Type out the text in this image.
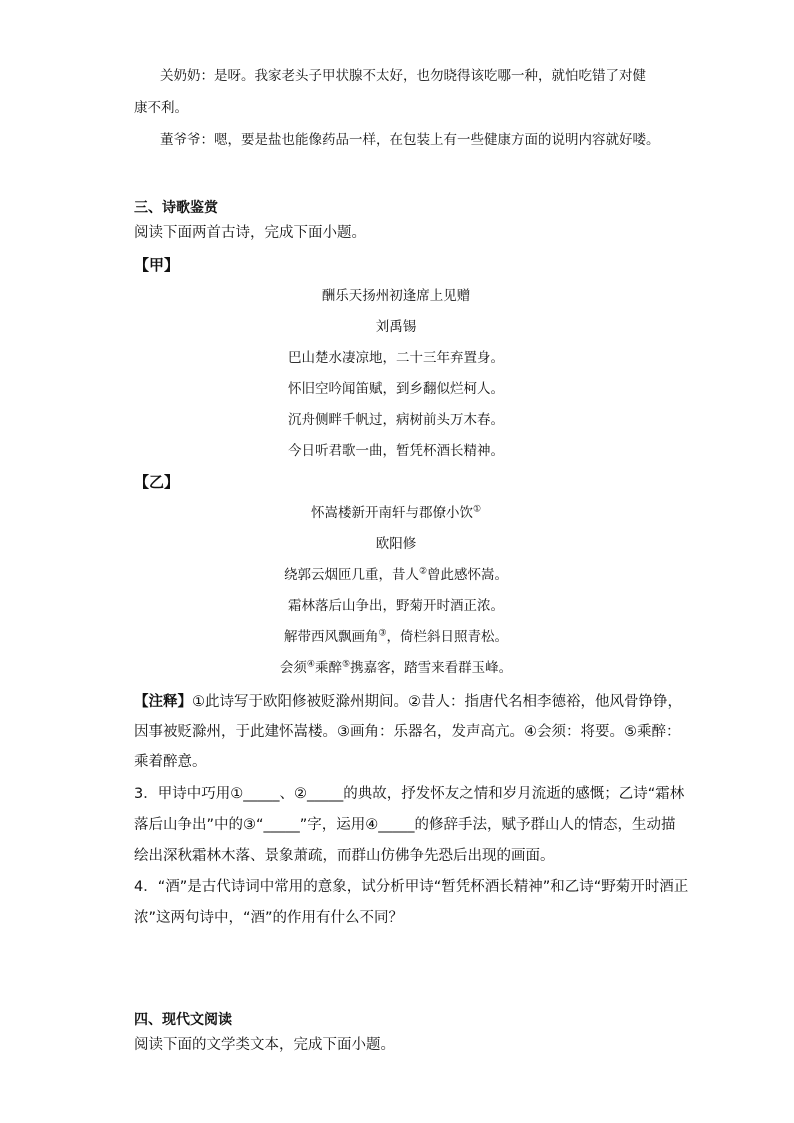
关奶奶：是呀。我家老头子甲状腺不太好，也勿晓得该吃哪一种，就怕吃错了对健
康不利。
董爷爷：嗯，要是盐也能像药品一样，在包装上有一些健康方面的说明内容就好喽。
三、诗歌鉴赏
阅读下面两首古诗，完成下面小题。
【甲】
酬乐天扬州初逢席上见赠
刘禹锡
巴山楚水凄凉地，二十三年弃置身。
怀旧空吟闻笛赋，到乡翻似烂柯人。
沉舟侧畔千帆过，病树前头万木春。
今日听君歌一曲，暂凭杯酒长精神。
【乙】
怀嵩楼新开南轩与郡僚小饮①
欧阳修
绕郭云烟匝几重，昔人②曾此感怀嵩。
霜林落后山争出，野菊开时酒正浓。
解带西风飘画角③，倚栏斜日照青松。
会须④乘醉⑤携嘉客，踏雪来看群玉峰。
【注释】①此诗写于欧阳修被贬滁州期间。②昔人：指唐代名相李德裕，他风骨铮铮，
因事被贬滁州，于此建怀嵩楼。③画角：乐器名，发声高亢。④会须：将要。⑤乘醉：
乘着醉意。
3．甲诗中巧用①_____、②_____的典故，抒发怀友之情和岁月流逝的感慨；乙诗“霜林
落后山争出”中的③“_____”字，运用④_____的修辞手法，赋予群山人的情态，生动描
绘出深秋霜林木落、景象萧疏，而群山仿佛争先恐后出现的画面。
4．“酒”是古代诗词中常用的意象，试分析甲诗“暂凭杯酒长精神”和乙诗“野菊开时酒正
浓”这两句诗中，“酒”的作用有什么不同？
四、现代文阅读
阅读下面的文学类文本，完成下面小题。
